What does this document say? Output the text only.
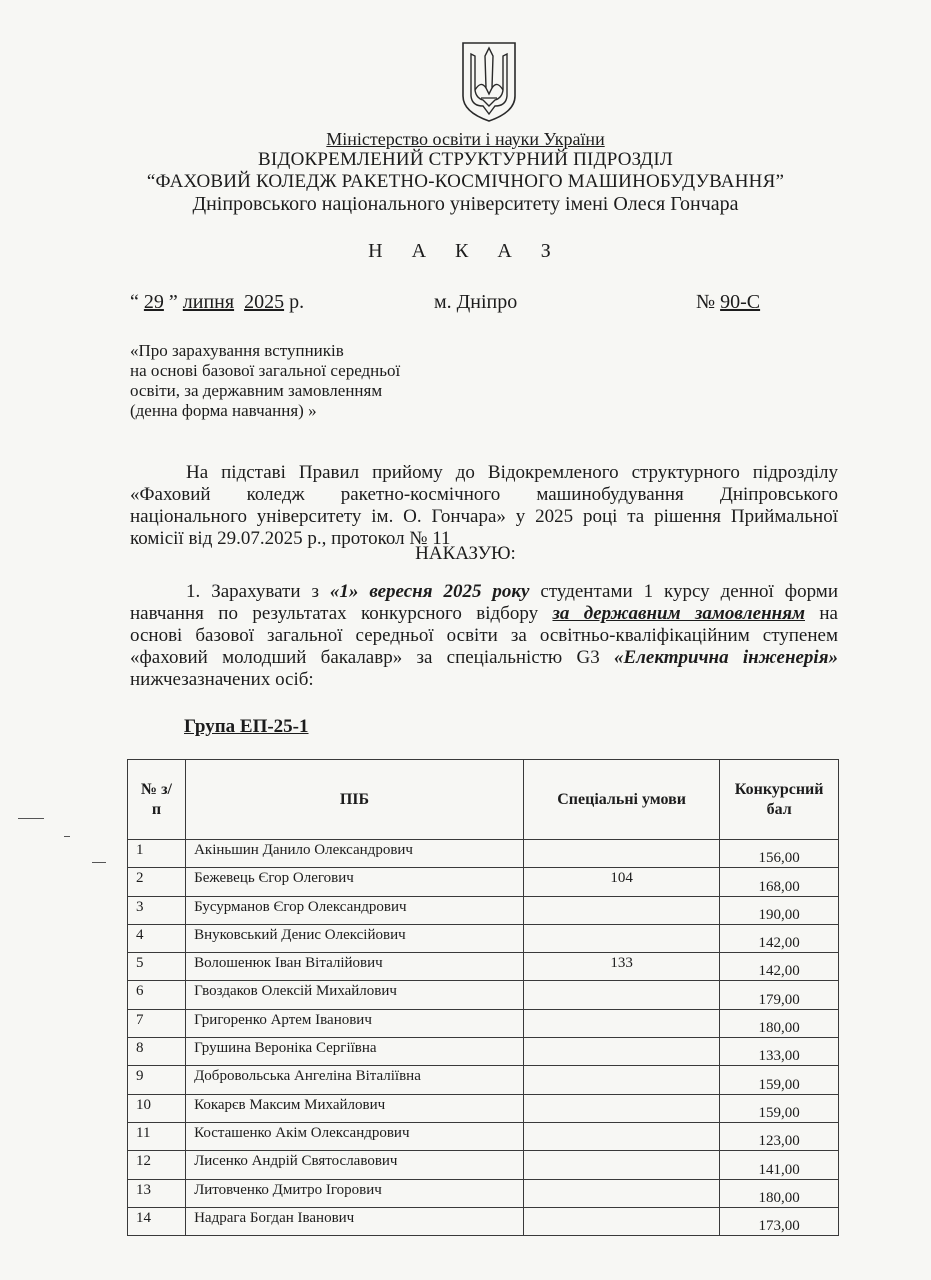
Міністерство освіти і науки України
ВІДОКРЕМЛЕНИЙ СТРУКТУРНИЙ ПІДРОЗДІЛ
“ФАХОВИЙ КОЛЕДЖ РАКЕТНО-КОСМІЧНОГО МАШИНОБУДУВАННЯ”
Дніпровського національного університету імені Олеся Гончара
Н А К А З
“ 29 ” липня 2025 р.	м. Дніпро	№ 90-С
«Про зарахування вступників
на основі базової загальної середньої
освіти, за державним замовленням
(денна форма навчання) »
На підставі Правил прийому до Відокремленого структурного підрозділу
«Фаховий коледж ракетно-космічного машинобудування Дніпровського
національного університету ім. О. Гончара» у 2025 році та рішення Приймальної
комісії від 29.07.2025 р., протокол № 11
НАКАЗУЮ:
1. Зарахувати з «1» вересня 2025 року студентами 1 курсу денної форми
навчання по результатах конкурсного відбору за державним замовленням на
основі базової загальної середньої освіти за освітньо-кваліфікаційним ступенем
«фаховий молодший бакалавр» за спеціальністю G3 «Електрична інженерія»
нижчезазначених осіб:
Група ЕП-25-1
№ з/п	ПІБ	Спеціальні умови	Конкурсний бал

1	Акіньшин Данило Олександрович		156,00
2	Бежевець Єгор Олегович	104	168,00
3	Бусурманов Єгор Олександрович		190,00
4	Внуковський Денис Олексійович		142,00
5	Волошенюк Іван Віталійович	133	142,00
6	Гвоздаков Олексій Михайлович		179,00
7	Григоренко Артем Іванович		180,00
8	Грушина Вероніка Сергіївна		133,00
9	Добровольська Ангеліна Віталіївна		159,00
10	Кокарєв Максим Михайлович		159,00
11	Косташенко Акім Олександрович		123,00
12	Лисенко Андрій Святославович		141,00
13	Литовченко Дмитро Ігорович		180,00
14	Надрага Богдан Іванович		173,00
